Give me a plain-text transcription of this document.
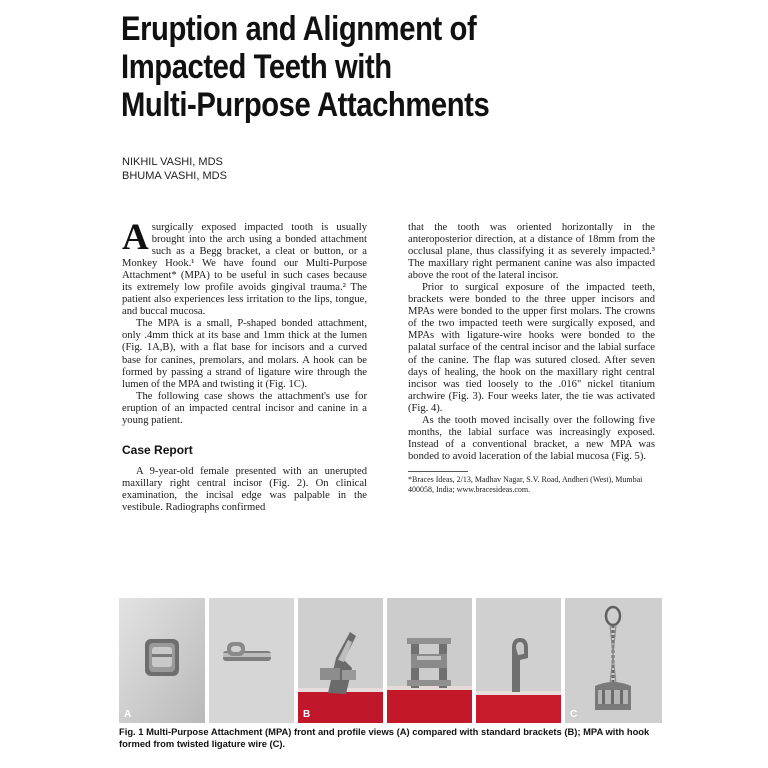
Eruption and Alignment of
Impacted Teeth with
Multi-Purpose Attachments
NIKHIL VASHI, MDS
BHUMA VASHI, MDS

Asurgically exposed impacted tooth is usually brought into the arch using a bonded attachment such as a Begg bracket, a cleat or button, or a Monkey Hook.¹ We have found our Multi-Purpose Attachment* (MPA) to be useful in such cases because its extremely low profile avoids gingival trauma.² The patient also experiences less irritation to the lips, tongue, and buccal mucosa.

The MPA is a small, P-shaped bonded attachment, only .4mm thick at its base and 1mm thick at the lumen (Fig. 1A,B), with a flat base for incisors and a curved base for canines, premolars, and molars. A hook can be formed by passing a strand of ligature wire through the lumen of the MPA and twisting it (Fig. 1C).

The following case shows the attachment's use for eruption of an impacted central incisor and canine in a young patient.

Case Report

A 9-year-old female presented with an unerupted maxillary right central incisor (Fig. 2). On clinical examination, the incisal edge was palpable in the vestibule. Radiographs confirmed

that the tooth was oriented horizontally in the anteroposterior direction, at a distance of 18mm from the occlusal plane, thus classifying it as severely impacted.³ The maxillary right permanent canine was also impacted above the root of the lateral incisor.

Prior to surgical exposure of the impacted teeth, brackets were bonded to the three upper incisors and MPAs were bonded to the upper first molars. The crowns of the two impacted teeth were surgically exposed, and MPAs with ligature-wire hooks were bonded to the palatal surface of the central incisor and the labial surface of the canine. The flap was sutured closed. After seven days of healing, the hook on the maxillary right central incisor was tied loosely to the .016" nickel titanium archwire (Fig. 3). Four weeks later, the tie was activated (Fig. 4).

As the tooth moved incisally over the following five months, the labial surface was increasingly exposed. Instead of a conventional bracket, a new MPA was bonded to avoid laceration of the labial mucosa (Fig. 5).

*Braces Ideas, 2/13, Madhav Nagar, S.V. Road, Andheri (West), Mumbai 400058, India; www.bracesideas.com.

A	B	C
Fig. 1 Multi-Purpose Attachment (MPA) front and profile views (A) compared with standard brackets (B); MPA with hook formed from twisted ligature wire (C).
